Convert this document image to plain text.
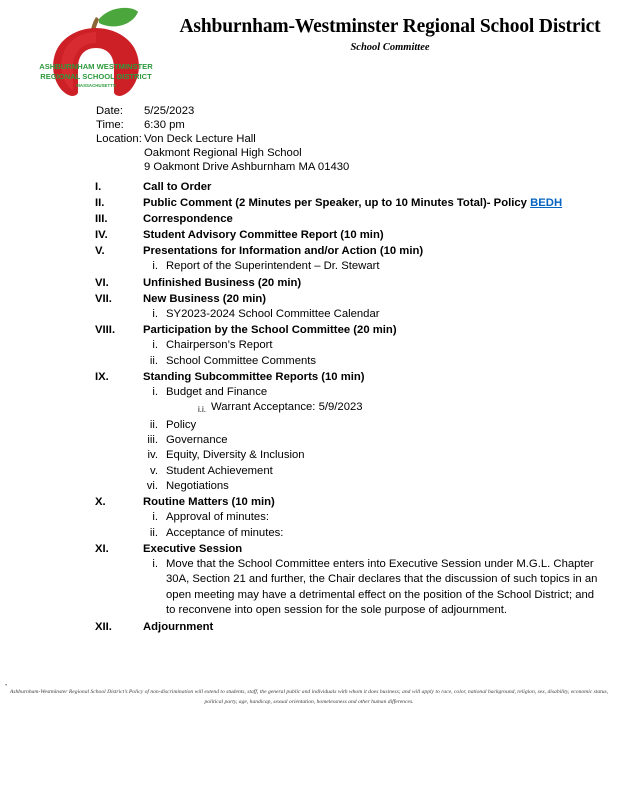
ASHBURNHAM WESTMINSTER
REGIONAL SCHOOL DISTRICT
MASSACHUSETTS
Ashburnham-Westminster Regional School District
School Committee
Date:	5/25/2023
Time:	6:30 pm
Location: Von Deck Lecture Hall
Oakmont Regional High School
9 Oakmont Drive Ashburnham MA 01430
I.	Call to Order
II.	Public Comment (2 Minutes per Speaker, up to 10 Minutes Total)- Policy BEDH
III.	Correspondence
IV.	Student Advisory Committee Report (10 min)
V.	Presentations for Information and/or Action (10 min)
i. Report of the Superintendent – Dr. Stewart
VI.	Unfinished Business (20 min)
VII.	New Business (20 min)
i. SY2023-2024 School Committee Calendar
VIII.	Participation by the School Committee (20 min)
i. Chairperson’s Report
ii. School Committee Comments
IX.	Standing Subcommittee Reports (10 min)
i. Budget and Finance
i.i. Warrant Acceptance: 5/9/2023
ii. Policy
iii. Governance
iv. Equity, Diversity & Inclusion
v. Student Achievement
vi. Negotiations
X.	Routine Matters (10 min)
i. Approval of minutes:
ii. Acceptance of minutes:
XI.	Executive Session
i. Move that the School Committee enters into Executive Session under M.G.L. Chapter 30A, Section 21 and further, the Chair declares that the discussion of such topics in an open meeting may have a detrimental effect on the position of the School District; and to reconvene into open session for the sole purpose of adjournment.
XII.	Adjournment
•
Ashburnham-Westminster Regional School District’s Policy of non-discrimination will extend to students, staff, the general public and individuals with whom it does business; and will apply to race, color, national background, religion, sex, disability, economic status, political party, age, handicap, sexual orientation, homelessness and other human differences.
